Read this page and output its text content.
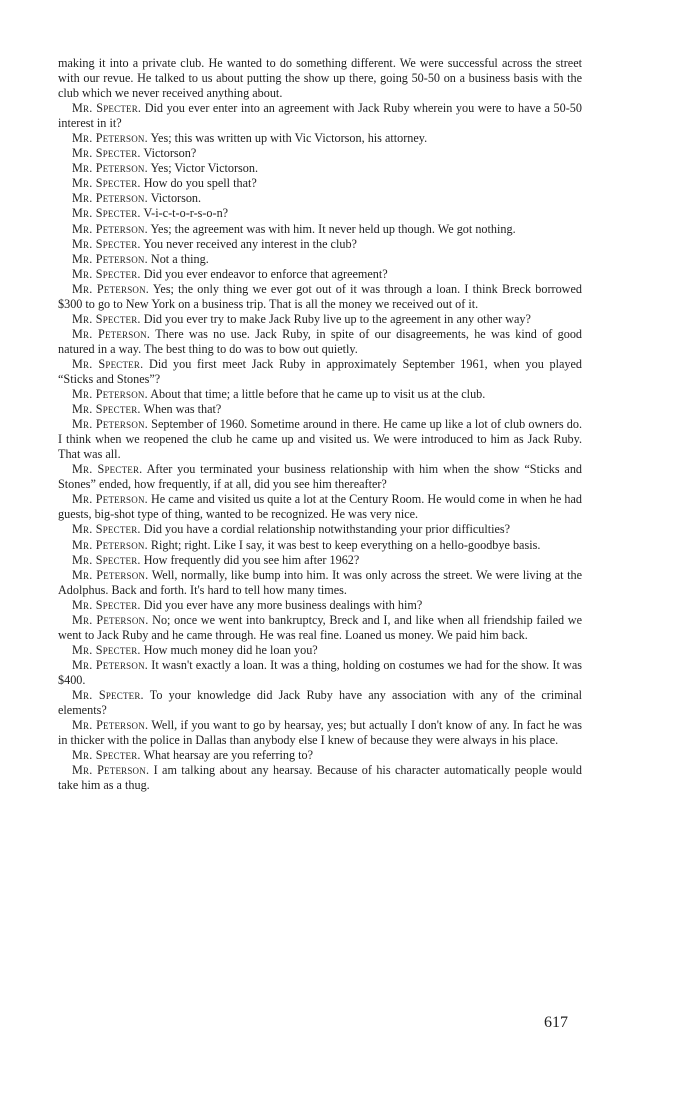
making it into a private club. He wanted to do something different. We were successful across the street with our revue. He talked to us about putting the show up there, going 50-50 on a business basis with the club which we never received anything about.

Mr. Specter. Did you ever enter into an agreement with Jack Ruby wherein you were to have a 50-50 interest in it?

Mr. Peterson. Yes; this was written up with Vic Victorson, his attorney.

Mr. Specter. Victorson?

Mr. Peterson. Yes; Victor Victorson.

Mr. Specter. How do you spell that?

Mr. Peterson. Victorson.

Mr. Specter. V-i-c-t-o-r-s-o-n?

Mr. Peterson. Yes; the agreement was with him. It never held up though. We got nothing.

Mr. Specter. You never received any interest in the club?

Mr. Peterson. Not a thing.

Mr. Specter. Did you ever endeavor to enforce that agreement?

Mr. Peterson. Yes; the only thing we ever got out of it was through a loan. I think Breck borrowed $300 to go to New York on a business trip. That is all the money we received out of it.

Mr. Specter. Did you ever try to make Jack Ruby live up to the agreement in any other way?

Mr. Peterson. There was no use. Jack Ruby, in spite of our disagreements, he was kind of good natured in a way. The best thing to do was to bow out quietly.

Mr. Specter. Did you first meet Jack Ruby in approximately September 1961, when you played “Sticks and Stones”?

Mr. Peterson. About that time; a little before that he came up to visit us at the club.

Mr. Specter. When was that?

Mr. Peterson. September of 1960. Sometime around in there. He came up like a lot of club owners do. I think when we reopened the club he came up and visited us. We were introduced to him as Jack Ruby. That was all.

Mr. Specter. After you terminated your business relationship with him when the show “Sticks and Stones” ended, how frequently, if at all, did you see him thereafter?

Mr. Peterson. He came and visited us quite a lot at the Century Room. He would come in when he had guests, big-shot type of thing, wanted to be recognized. He was very nice.

Mr. Specter. Did you have a cordial relationship notwithstanding your prior difficulties?

Mr. Peterson. Right; right. Like I say, it was best to keep everything on a hello-goodbye basis.

Mr. Specter. How frequently did you see him after 1962?

Mr. Peterson. Well, normally, like bump into him. It was only across the street. We were living at the Adolphus. Back and forth. It's hard to tell how many times.

Mr. Specter. Did you ever have any more business dealings with him?

Mr. Peterson. No; once we went into bankruptcy, Breck and I, and like when all friendship failed we went to Jack Ruby and he came through. He was real fine. Loaned us money. We paid him back.

Mr. Specter. How much money did he loan you?

Mr. Peterson. It wasn't exactly a loan. It was a thing, holding on costumes we had for the show. It was $400.

Mr. Specter. To your knowledge did Jack Ruby have any association with any of the criminal elements?

Mr. Peterson. Well, if you want to go by hearsay, yes; but actually I don't know of any. In fact he was in thicker with the police in Dallas than anybody else I knew of because they were always in his place.

Mr. Specter. What hearsay are you referring to?

Mr. Peterson. I am talking about any hearsay. Because of his character automatically people would take him as a thug.

617
